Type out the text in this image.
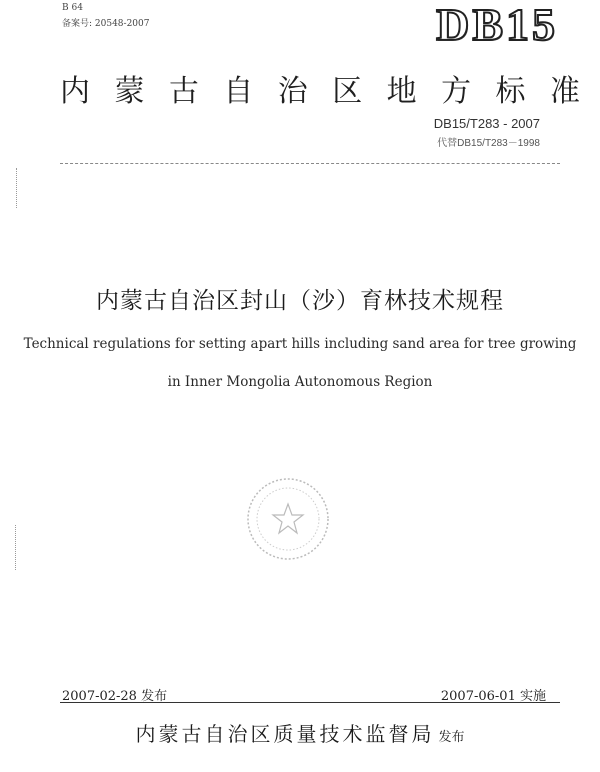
B 64
备案号: 20548-2007	DB15
内 蒙 古 自 治 区 地 方 标 准
DB15/T283 - 2007
代替DB15/T283－1998
内蒙古自治区封山（沙）育林技术规程
Technical regulations for setting apart hills including sand area for tree growing
in Inner Mongolia Autonomous Region
2007-02-28 发布	2007-06-01 实施
内蒙古自治区质量技术监督局 发布
